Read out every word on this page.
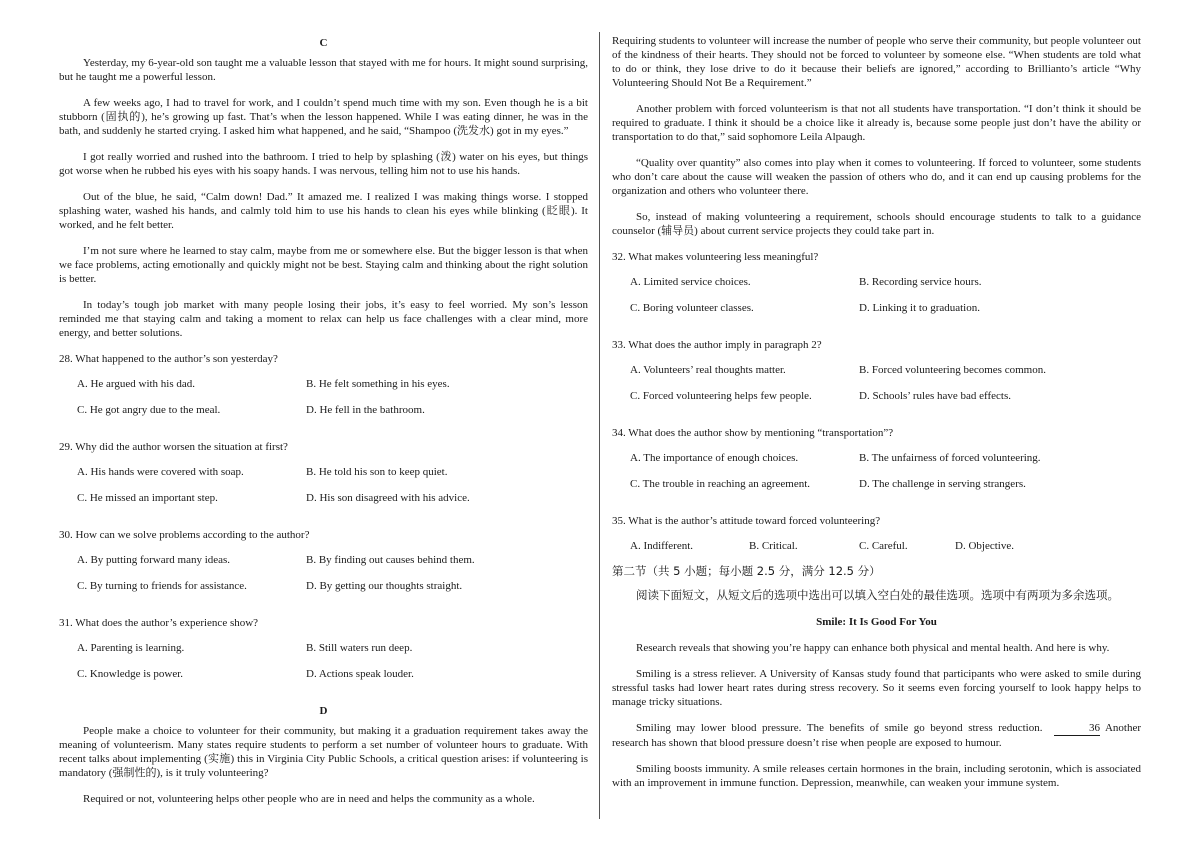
C

Yesterday, my 6-year-old son taught me a valuable lesson that stayed with me for hours. It might sound surprising, but he taught me a powerful lesson.

A few weeks ago, I had to travel for work, and I couldn’t spend much time with my son. Even though he is a bit stubborn (固执的), he’s growing up fast. That’s when the lesson happened. While I was eating dinner, he was in the bath, and suddenly he started crying. I asked him what happened, and he said, “Shampoo (洗发水) got in my eyes.”

I got really worried and rushed into the bathroom. I tried to help by splashing (泼) water on his eyes, but things got worse when he rubbed his eyes with his soapy hands. I was nervous, telling him not to use his hands.

Out of the blue, he said, “Calm down! Dad.” It amazed me. I realized I was making things worse. I stopped splashing water, washed his hands, and calmly told him to use his hands to clean his eyes while blinking (眨眼). It worked, and he felt better.

I’m not sure where he learned to stay calm, maybe from me or somewhere else. But the bigger lesson is that when we face problems, acting emotionally and quickly might not be best. Staying calm and thinking about the right solution is better.

In today’s tough job market with many people losing their jobs, it’s easy to feel worried. My son’s lesson reminded me that staying calm and taking a moment to relax can help us face challenges with a clear mind, more energy, and better solutions.

28. What happened to the author’s son yesterday?
A. He argued with his dad.	B. He felt something in his eyes.
C. He got angry due to the meal.	D. He fell in the bathroom.
29. Why did the author worsen the situation at first?
A. His hands were covered with soap.	B. He told his son to keep quiet.
C. He missed an important step.	D. His son disagreed with his advice.
30. How can we solve problems according to the author?
A. By putting forward many ideas.	B. By finding out causes behind them.
C. By turning to friends for assistance.	D. By getting our thoughts straight.
31. What does the author’s experience show?
A. Parenting is learning.	B. Still waters run deep.
C. Knowledge is power.	D. Actions speak louder.
D

People make a choice to volunteer for their community, but making it a graduation requirement takes away the meaning of volunteerism. Many states require students to perform a set number of volunteer hours to graduate. With recent talks about implementing (实施) this in Virginia City Public Schools, a critical question arises: if volunteering is mandatory (强制性的), is it truly volunteering?

Required or not, volunteering helps other people who are in need and helps the community as a whole.

Requiring students to volunteer will increase the number of people who serve their community, but people volunteer out of the kindness of their hearts. They should not be forced to volunteer by someone else. “When students are told what to do or think, they lose drive to do it because their beliefs are ignored,” according to Brillianto’s article “Why Volunteering Should Not Be a Requirement.”

Another problem with forced volunteerism is that not all students have transportation. “I don’t think it should be required to graduate. I think it should be a choice like it already is, because some people just don’t have the ability or transportation to do that,” said sophomore Leila Alpaugh.

“Quality over quantity” also comes into play when it comes to volunteering. If forced to volunteer, some students who don’t care about the cause will weaken the passion of others who do, and it can end up causing problems for the organization and others who volunteer there.

So, instead of making volunteering a requirement, schools should encourage students to talk to a guidance counselor (辅导员) about current service projects they could take part in.

32. What makes volunteering less meaningful?
A. Limited service choices.	B. Recording service hours.
C. Boring volunteer classes.	D. Linking it to graduation.
33. What does the author imply in paragraph 2?
A. Volunteers’ real thoughts matter.	B. Forced volunteering becomes common.
C. Forced volunteering helps few people.	D. Schools’ rules have bad effects.
34. What does the author show by mentioning “transportation”?
A. The importance of enough choices.	B. The unfairness of forced volunteering.
C. The trouble in reaching an agreement.	D. The challenge in serving strangers.
35. What is the author’s attitude toward forced volunteering?
A. Indifferent.	B. Critical.	C. Careful.	D. Objective.
第二节（共 5 小题；每小题 2.5 分，满分 12.5 分）
阅读下面短文，从短文后的选项中选出可以填入空白处的最佳选项。选项中有两项为多余选项。
Smile: It Is Good For You

Research reveals that showing you’re happy can enhance both physical and mental health. And here is why.

Smiling is a stress reliever. A University of Kansas study found that participants who were asked to smile during stressful tasks had lower heart rates during stress recovery. So it seems even forcing yourself to look happy helps to manage tricky situations.

Smiling may lower blood pressure. The benefits of smile go beyond stress reduction.	36 Another research has shown that blood pressure doesn’t rise when people are exposed to humour.

Smiling boosts immunity. A smile releases certain hormones in the brain, including serotonin, which is associated with an improvement in immune function. Depression, meanwhile, can weaken your immune system.
